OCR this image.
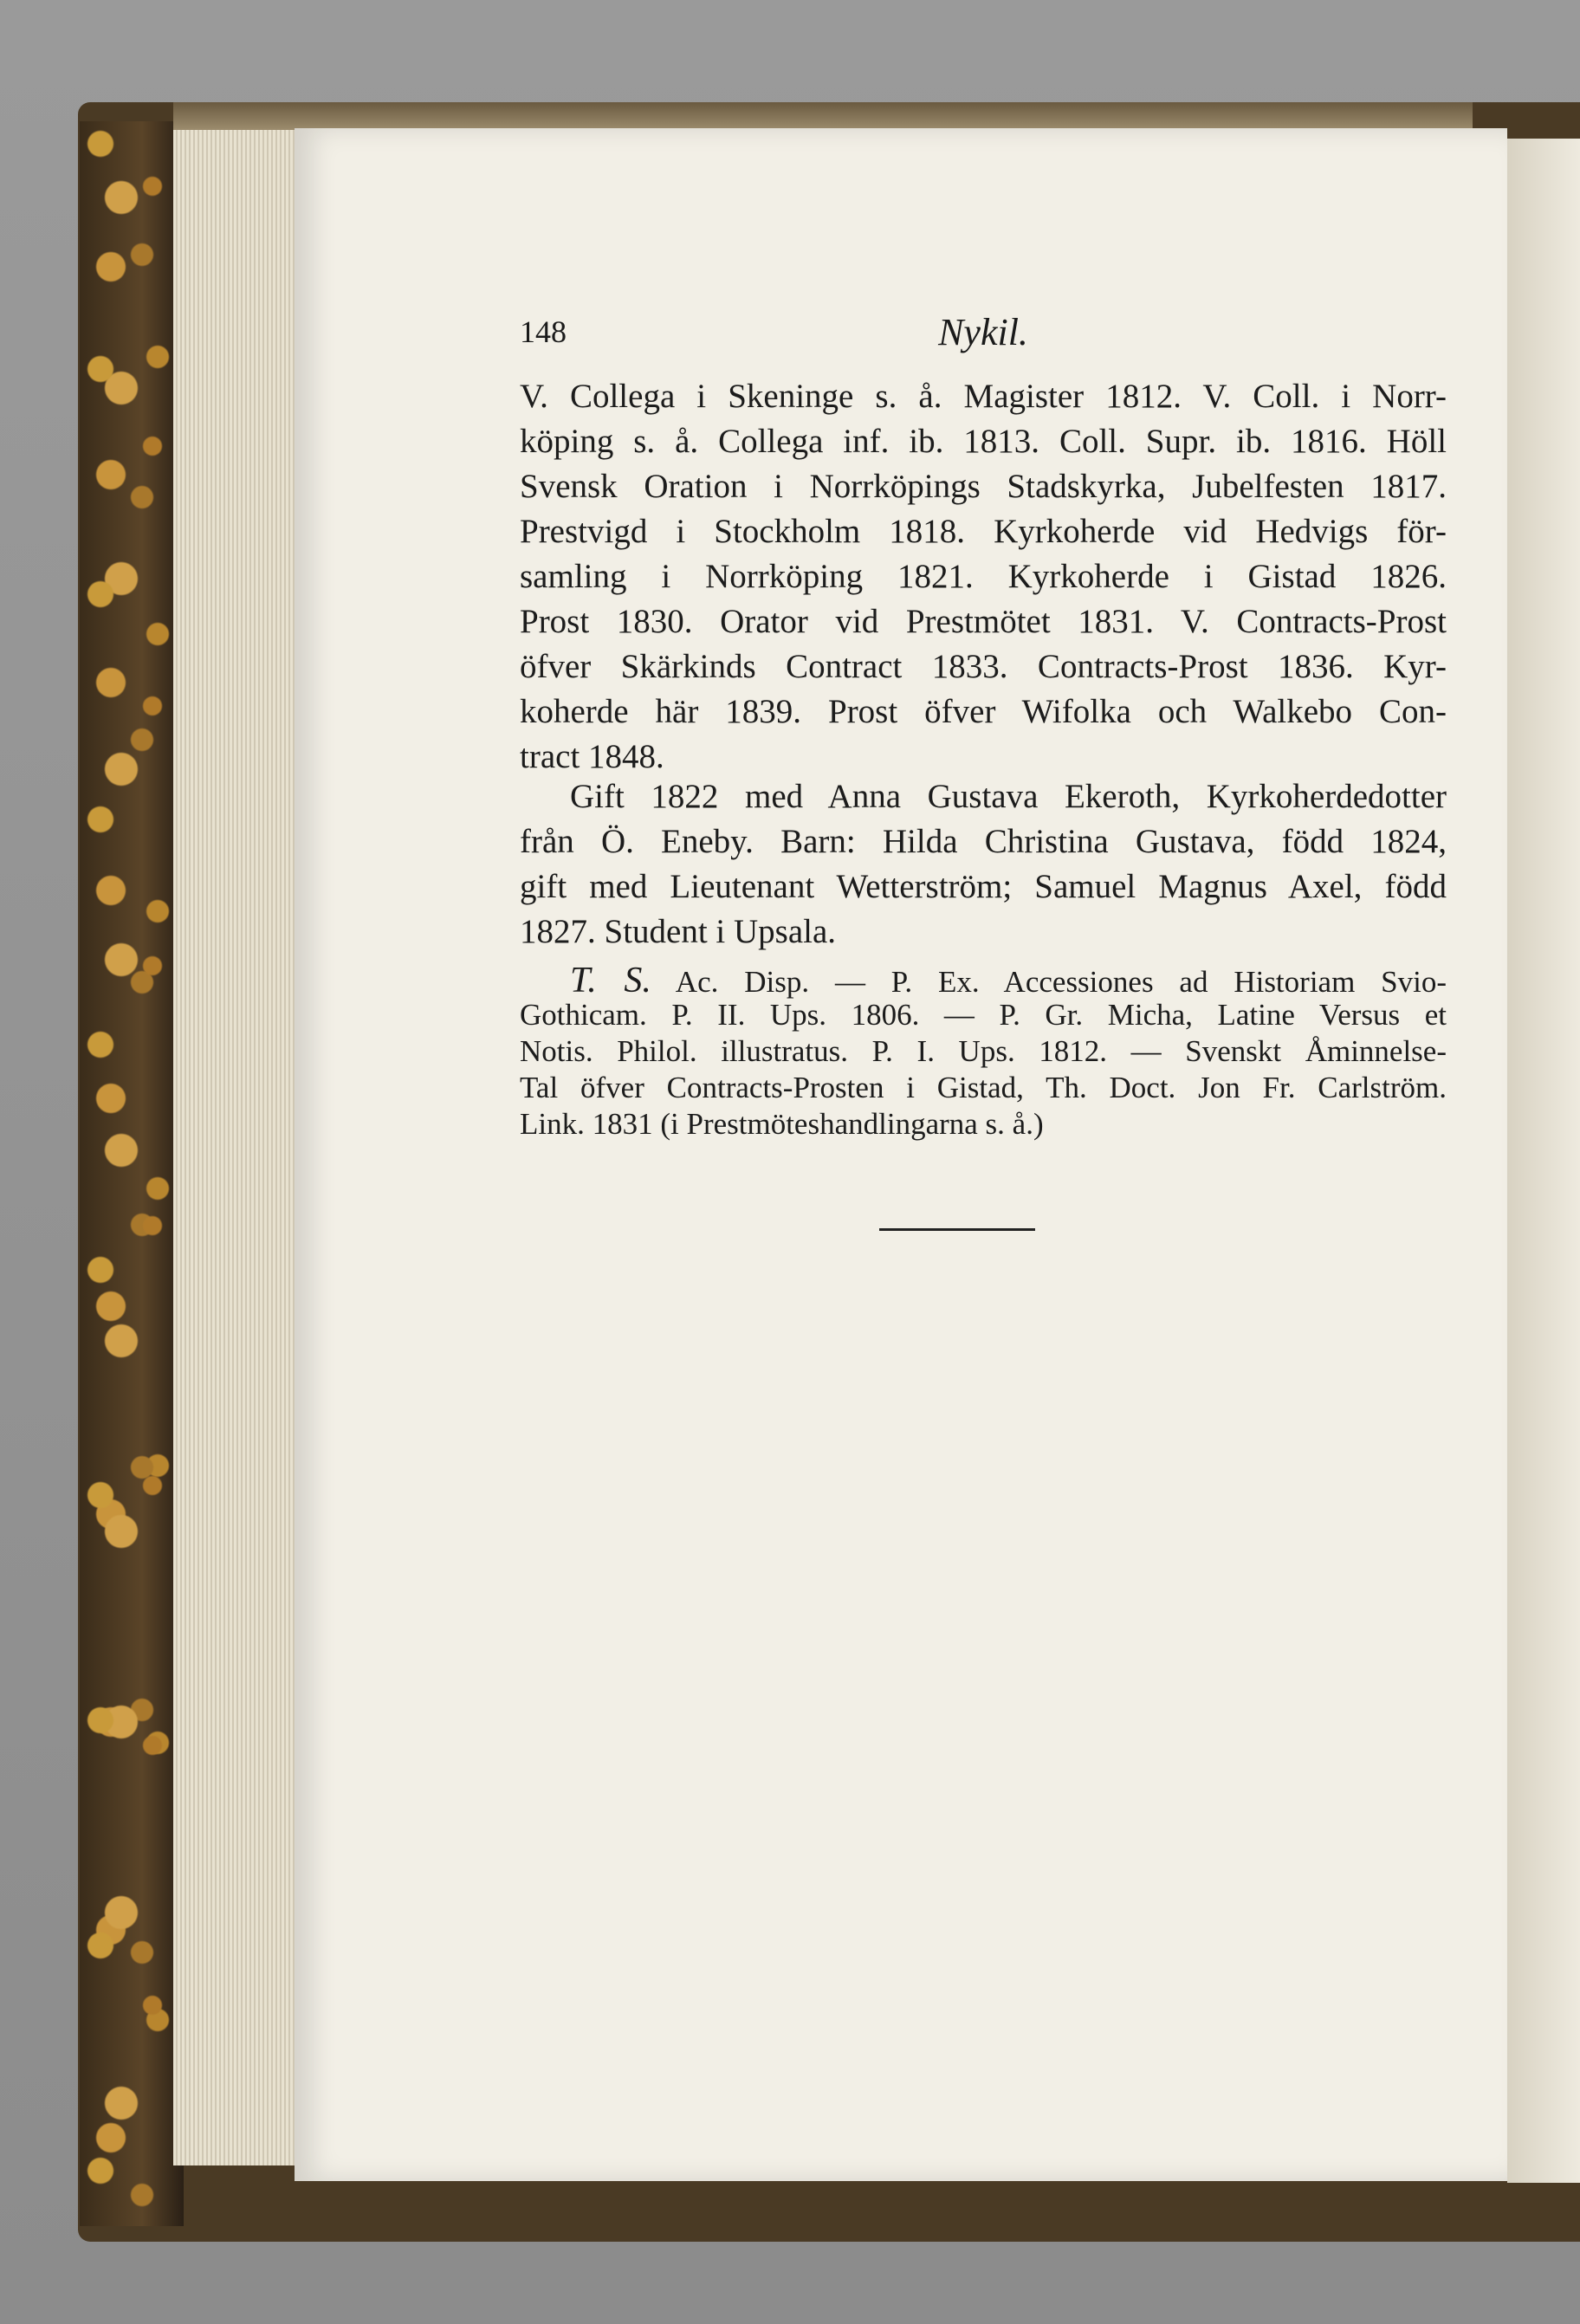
148	Nykil.
V. Collega i Skeninge s. å. Magister 1812. V. Coll. i Norr-
köping s. å. Collega inf. ib. 1813. Coll. Supr. ib. 1816. Höll
Svensk Oration i Norrköpings Stadskyrka, Jubelfesten 1817.
Prestvigd i Stockholm 1818. Kyrkoherde vid Hedvigs för-
samling i Norrköping 1821. Kyrkoherde i Gistad 1826.
Prost 1830. Orator vid Prestmötet 1831. V. Contracts-Prost
öfver Skärkinds Contract 1833. Contracts-Prost 1836. Kyr-
koherde här 1839. Prost öfver Wifolka och Walkebo Con-
tract 1848.
Gift 1822 med Anna Gustava Ekeroth, Kyrkoherdedotter
från Ö. Eneby. Barn: Hilda Christina Gustava, född 1824,
gift med Lieutenant Wetterström; Samuel Magnus Axel, född
1827. Student i Upsala.
T. S. Ac. Disp. — P. Ex. Accessiones ad Historiam Svio-
Gothicam. P. II. Ups. 1806. — P. Gr. Micha, Latine Versus et
Notis. Philol. illustratus. P. I. Ups. 1812. — Svenskt Åminnelse-
Tal öfver Contracts-Prosten i Gistad, Th. Doct. Jon Fr. Carlström.
Link. 1831 (i Prestmöteshandlingarna s. å.)
